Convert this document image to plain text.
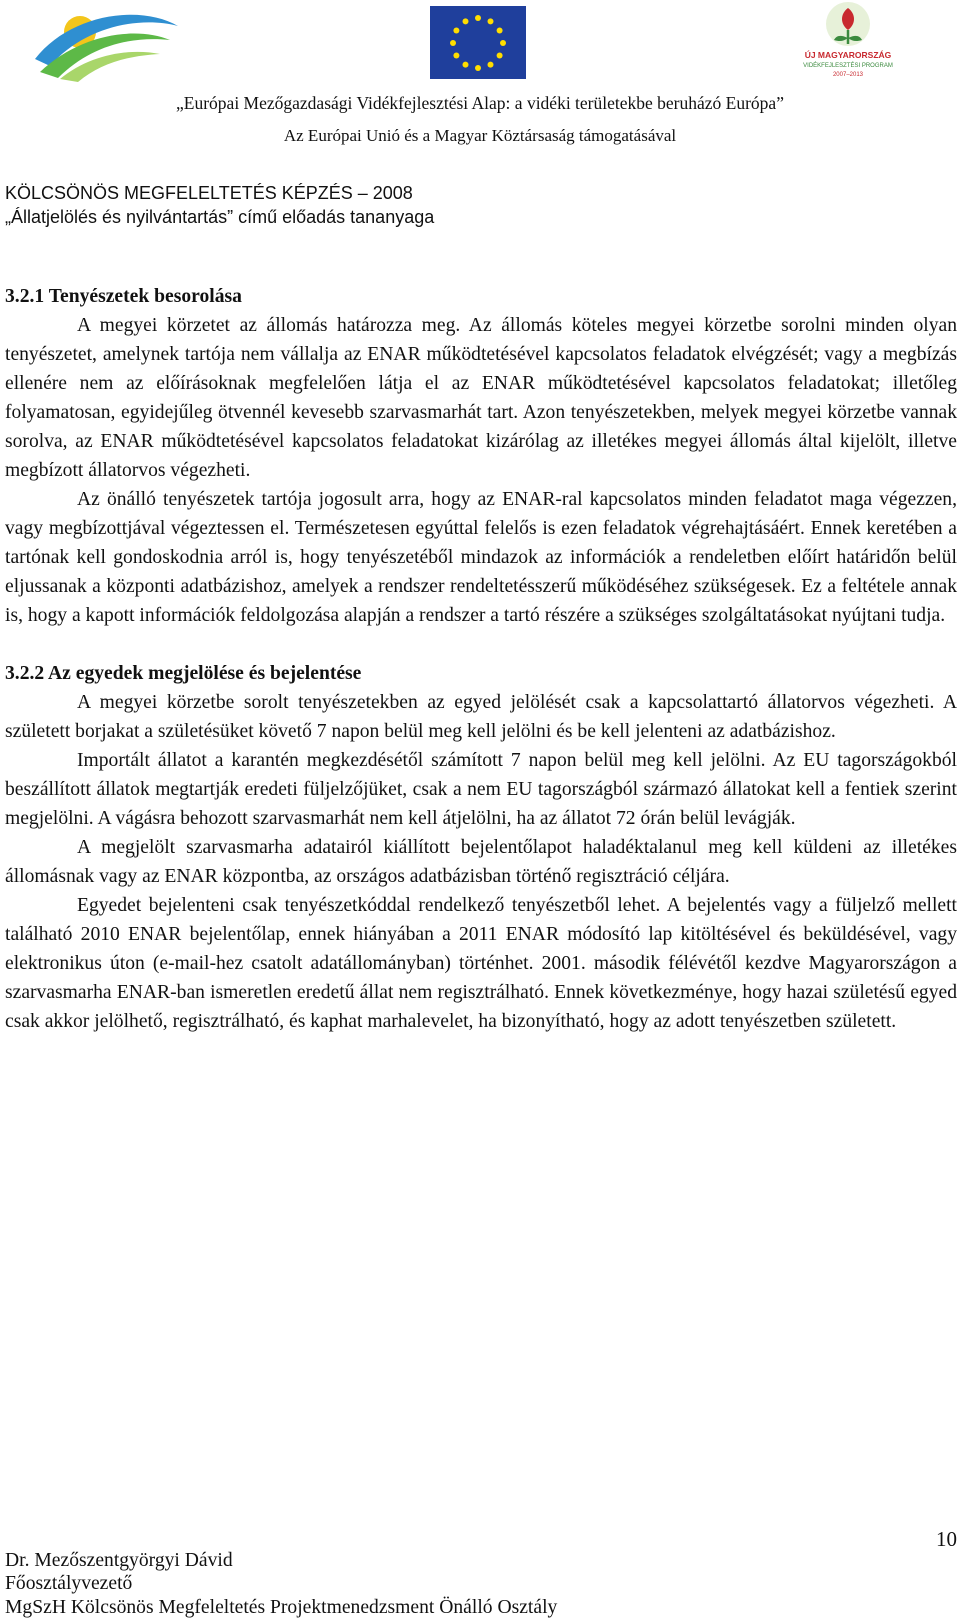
ÚJ MAGYARORSZÁG
VIDÉKFEJLESZTÉSI PROGRAM
2007–2013
„Európai Mezőgazdasági Vidékfejlesztési Alap: a vidéki területekbe beruházó Európa”
Az Európai Unió és a Magyar Köztársaság támogatásával
KÖLCSÖNÖS MEGFELELTETÉS KÉPZÉS – 2008
„Állatjelölés és nyilvántartás” című előadás tananyaga
3.2.1 Tenyészetek besorolása

A megyei körzetet az állomás határozza meg. Az állomás köteles megyei körzetbe sorolni minden olyan tenyészetet, amelynek tartója nem vállalja az ENAR működtetésével kapcsolatos feladatok elvégzését; vagy a megbízás ellenére nem az előírásoknak megfelelően látja el az ENAR működtetésével kapcsolatos feladatokat; illetőleg folyamatosan, egyidejűleg ötvennél kevesebb szarvasmarhát tart. Azon tenyészetekben, melyek megyei körzetbe vannak sorolva, az ENAR működtetésével kapcsolatos feladatokat kizárólag az illetékes megyei állomás által kijelölt, illetve megbízott állatorvos végezheti.

Az önálló tenyészetek tartója jogosult arra, hogy az ENAR-ral kapcsolatos minden feladatot maga végezzen, vagy megbízottjával végeztessen el. Természetesen egyúttal felelős is ezen feladatok végrehajtásáért. Ennek keretében a tartónak kell gondoskodnia arról is, hogy tenyészetéből mindazok az információk a rendeletben előírt határidőn belül eljussanak a központi adatbázishoz, amelyek a rendszer rendeltetésszerű működéséhez szükségesek. Ez a feltétele annak is, hogy a kapott információk feldolgozása alapján a rendszer a tartó részére a szükséges szolgáltatásokat nyújtani tudja.

3.2.2 Az egyedek megjelölése és bejelentése

A megyei körzetbe sorolt tenyészetekben az egyed jelölését csak a kapcsolattartó állatorvos végezheti. A született borjakat a születésüket követő 7 napon belül meg kell jelölni és be kell jelenteni az adatbázishoz.

Importált állatot a karantén megkezdésétől számított 7 napon belül meg kell jelölni. Az EU tagországokból beszállított állatok megtartják eredeti füljelzőjüket, csak a nem EU tagországból származó állatokat kell a fentiek szerint megjelölni. A vágásra behozott szarvasmarhát nem kell átjelölni, ha az állatot 72 órán belül levágják.

A megjelölt szarvasmarha adatairól kiállított bejelentőlapot haladéktalanul meg kell küldeni az illetékes állomásnak vagy az ENAR központba, az országos adatbázisban történő regisztráció céljára.

Egyedet bejelenteni csak tenyészetkóddal rendelkező tenyészetből lehet. A bejelentés vagy a füljelző mellett található 2010 ENAR bejelentőlap, ennek hiányában a 2011 ENAR módosító lap kitöltésével és beküldésével, vagy elektronikus úton (e-mail-hez csatolt adatállományban) történhet. 2001. második félévétől kezdve Magyarországon a szarvasmarha ENAR-ban ismeretlen eredetű állat nem regisztrálható. Ennek következménye, hogy hazai születésű egyed csak akkor jelölhető, regisztrálható, és kaphat marhalevelet, ha bizonyítható, hogy az adott tenyészetben született.

10
Dr. Mezőszentgyörgyi Dávid
Főosztályvezető
MgSzH Kölcsönös Megfeleltetés Projektmenedzsment Önálló Osztály
